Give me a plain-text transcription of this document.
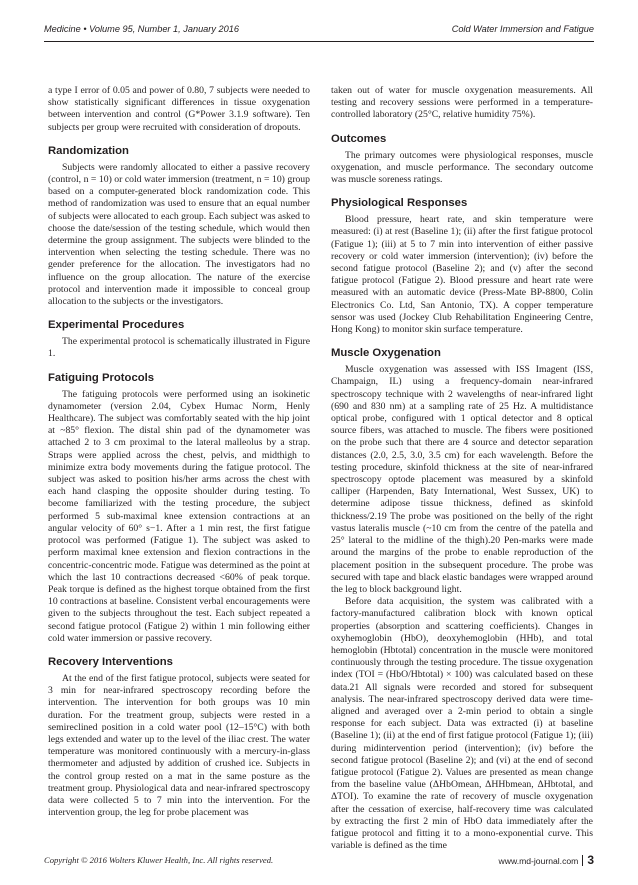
Medicine • Volume 95, Number 1, January 2016	Cold Water Immersion and Fatigue

a type I error of 0.05 and power of 0.80, 7 subjects were needed to show statistically significant differences in tissue oxygenation between intervention and control (G*Power 3.1.9 software). Ten subjects per group were recruited with consideration of dropouts.

Randomization

Subjects were randomly allocated to either a passive recovery (control, n = 10) or cold water immersion (treatment, n = 10) group based on a computer-generated block randomization code. This method of randomization was used to ensure that an equal number of subjects were allocated to each group. Each subject was asked to choose the date/session of the testing schedule, which would then determine the group assignment. The subjects were blinded to the intervention when selecting the testing schedule. There was no gender preference for the allocation. The investigators had no influence on the group allocation. The nature of the exercise protocol and intervention made it impossible to conceal group allocation to the subjects or the investigators.

Experimental Procedures

The experimental protocol is schematically illustrated in Figure 1.

Fatiguing Protocols

The fatiguing protocols were performed using an isokinetic dynamometer (version 2.04, Cybex Humac Norm, Henly Healthcare). The subject was comfortably seated with the hip joint at ~85° flexion. The distal shin pad of the dynamometer was attached 2 to 3 cm proximal to the lateral malleolus by a strap. Straps were applied across the chest, pelvis, and midthigh to minimize extra body movements during the fatigue protocol. The subject was asked to position his/her arms across the chest with each hand clasping the opposite shoulder during testing. To become familiarized with the testing procedure, the subject performed 5 sub-maximal knee extension contractions at an angular velocity of 60° s−1. After a 1 min rest, the first fatigue protocol was performed (Fatigue 1). The subject was asked to perform maximal knee extension and flexion contractions in the concentric-concentric mode. Fatigue was determined as the point at which the last 10 contractions decreased <60% of peak torque. Peak torque is defined as the highest torque obtained from the first 10 contractions at baseline. Consistent verbal encouragements were given to the subjects throughout the test. Each subject repeated a second fatigue protocol (Fatigue 2) within 1 min following either cold water immersion or passive recovery.

Recovery Interventions

At the end of the first fatigue protocol, subjects were seated for 3 min for near-infrared spectroscopy recording before the intervention. The intervention for both groups was 10 min duration. For the treatment group, subjects were rested in a semireclined position in a cold water pool (12–15°C) with both legs extended and water up to the level of the iliac crest. The water temperature was monitored continuously with a mercury-in-glass thermometer and adjusted by addition of crushed ice. Subjects in the control group rested on a mat in the same posture as the treatment group. Physiological data and near-infrared spectroscopy data were collected 5 to 7 min into the intervention. For the intervention group, the leg for probe placement was

taken out of water for muscle oxygenation measurements. All testing and recovery sessions were performed in a temperature-controlled laboratory (25°C, relative humidity 75%).

Outcomes

The primary outcomes were physiological responses, muscle oxygenation, and muscle performance. The secondary outcome was muscle soreness ratings.

Physiological Responses

Blood pressure, heart rate, and skin temperature were measured: (i) at rest (Baseline 1); (ii) after the first fatigue protocol (Fatigue 1); (iii) at 5 to 7 min into intervention of either passive recovery or cold water immersion (intervention); (iv) before the second fatigue protocol (Baseline 2); and (v) after the second fatigue protocol (Fatigue 2). Blood pressure and heart rate were measured with an automatic device (Press-Mate BP-8800, Colin Electronics Co. Ltd, San Antonio, TX). A copper temperature sensor was used (Jockey Club Rehabilitation Engineering Centre, Hong Kong) to monitor skin surface temperature.

Muscle Oxygenation

Muscle oxygenation was assessed with ISS Imagent (ISS, Champaign, IL) using a frequency-domain near-infrared spectroscopy technique with 2 wavelengths of near-infrared light (690 and 830 nm) at a sampling rate of 25 Hz. A multidistance optical probe, configured with 1 optical detector and 8 optical source fibers, was attached to muscle. The fibers were positioned on the probe such that there are 4 source and detector separation distances (2.0, 2.5, 3.0, 3.5 cm) for each wavelength. Before the testing procedure, skinfold thickness at the site of near-infrared spectroscopy optode placement was measured by a skinfold calliper (Harpenden, Baty International, West Sussex, UK) to determine adipose tissue thickness, defined as skinfold thickness/2.19 The probe was positioned on the belly of the right vastus lateralis muscle (~10 cm from the centre of the patella and 25° lateral to the midline of the thigh).20 Pen-marks were made around the margins of the probe to enable reproduction of the placement position in the subsequent procedure. The probe was secured with tape and black elastic bandages were wrapped around the leg to block background light.

Before data acquisition, the system was calibrated with a factory-manufactured calibration block with known optical properties (absorption and scattering coefficients). Changes in oxyhemoglobin (HbO), deoxyhemoglobin (HHb), and total hemoglobin (Hbtotal) concentration in the muscle were monitored continuously through the testing procedure. The tissue oxygenation index (TOI = (HbO/Hbtotal) × 100) was calculated based on these data.21 All signals were recorded and stored for subsequent analysis. The near-infrared spectroscopy derived data were time-aligned and averaged over a 2-min period to obtain a single response for each subject. Data was extracted (i) at baseline (Baseline 1); (ii) at the end of first fatigue protocol (Fatigue 1); (iii) during midintervention period (intervention); (iv) before the second fatigue protocol (Baseline 2); and (vi) at the end of second fatigue protocol (Fatigue 2). Values are presented as mean change from the baseline value (ΔHbOmean, ΔHHbmean, ΔHbtotal, and ΔTOI). To examine the rate of recovery of muscle oxygenation after the cessation of exercise, half-recovery time was calculated by extracting the first 2 min of HbO data immediately after the fatigue protocol and fitting it to a mono-exponential curve. This variable is defined as the time

Copyright © 2016 Wolters Kluwer Health, Inc. All rights reserved.	www.md-journal.com 3
